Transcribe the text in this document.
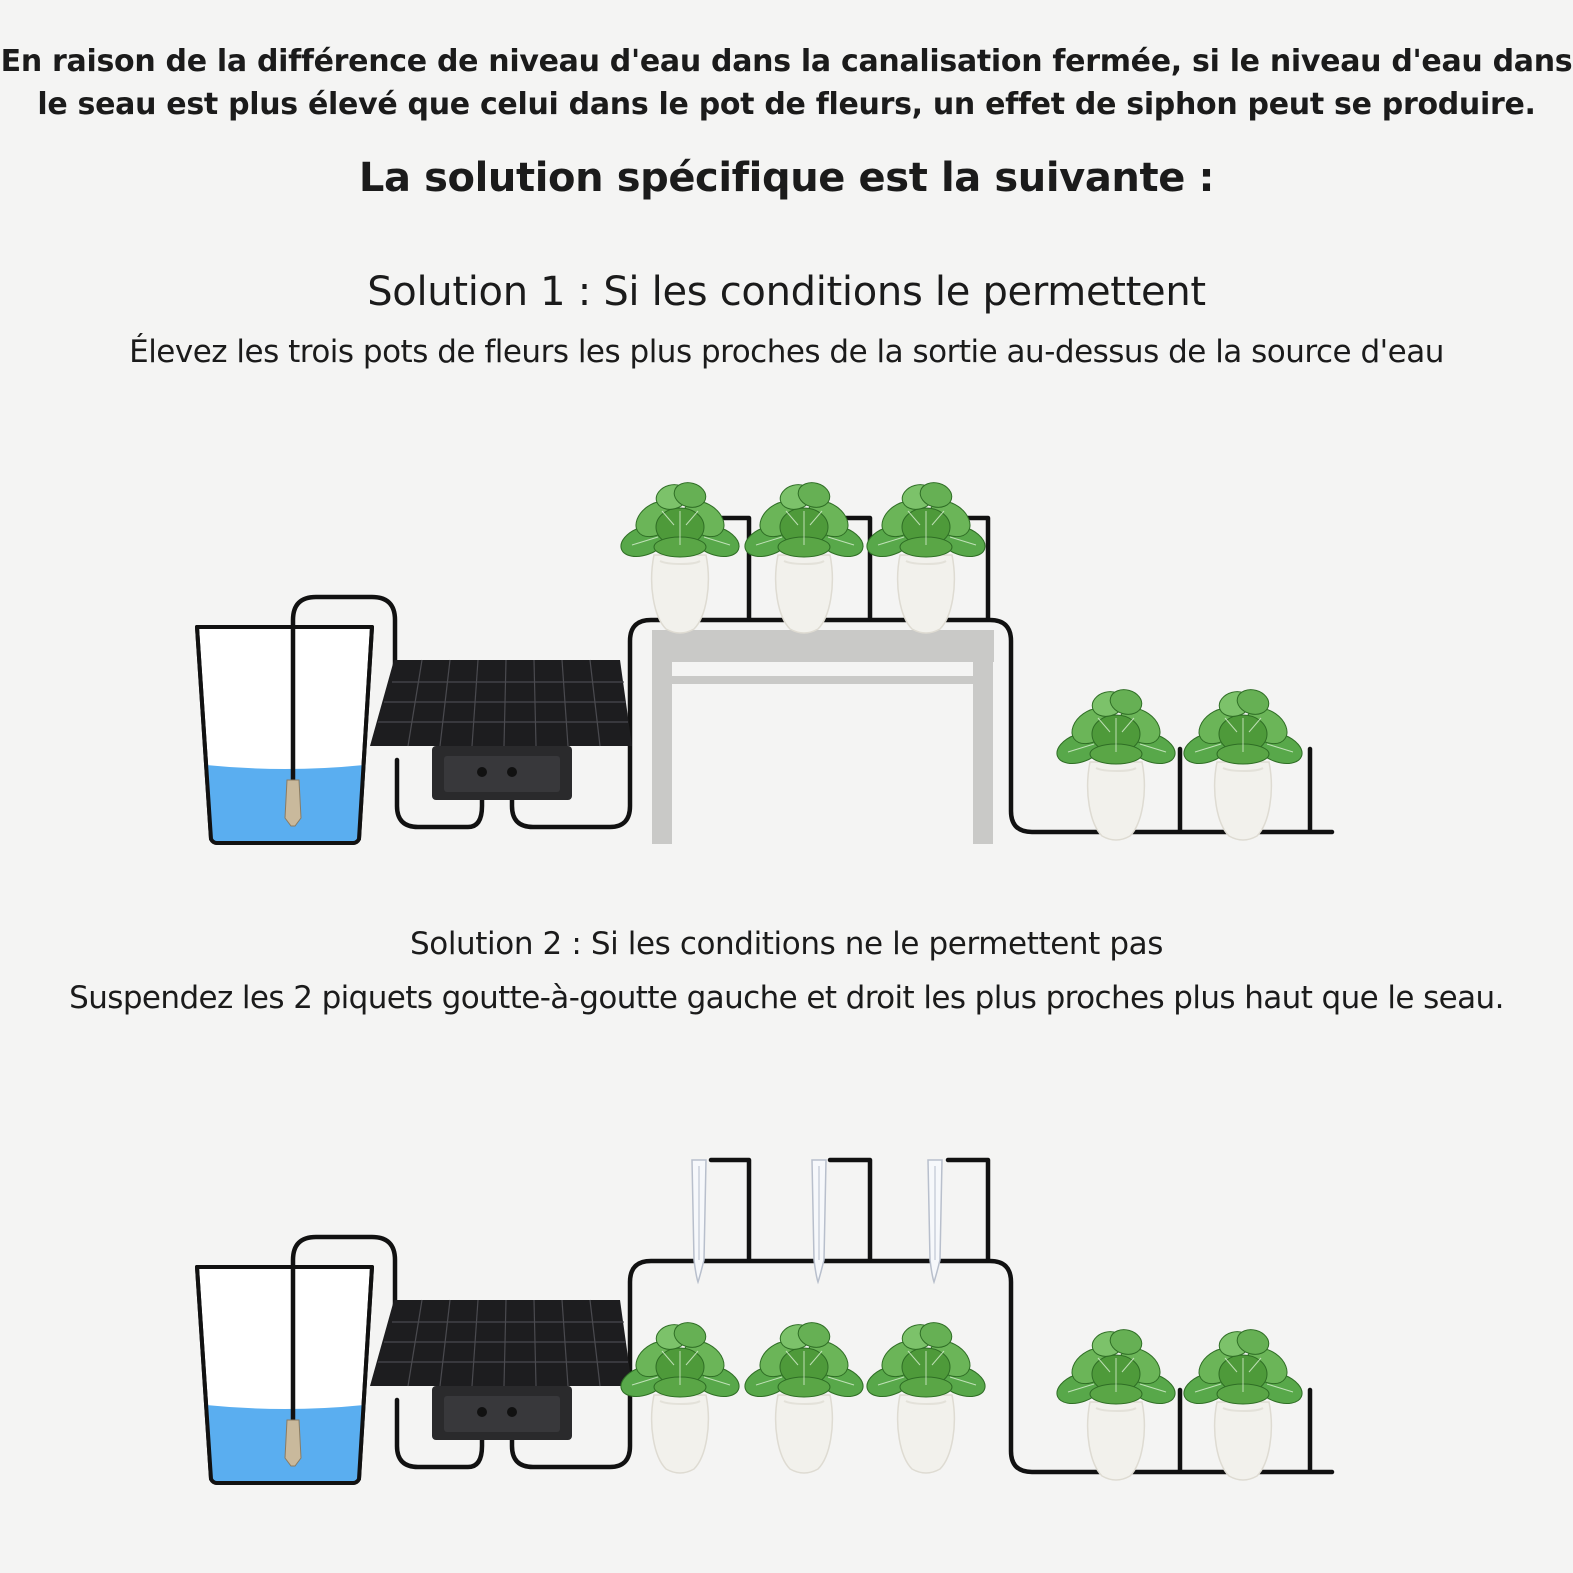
En raison de la différence de niveau d'eau dans la canalisation fermée, si le niveau d'eau dans le seau est plus élevé que celui dans le pot de fleurs, un effet de siphon peut se produire.

La solution spécifique est la suivante :

Solution 1 : Si les conditions le permettent

Élevez les trois pots de fleurs les plus proches de la sortie au-dessus de la source d'eau

Solution 2 : Si les conditions ne le permettent pas

Suspendez les 2 piquets goutte-à-goutte gauche et droit les plus proches plus haut que le seau.
